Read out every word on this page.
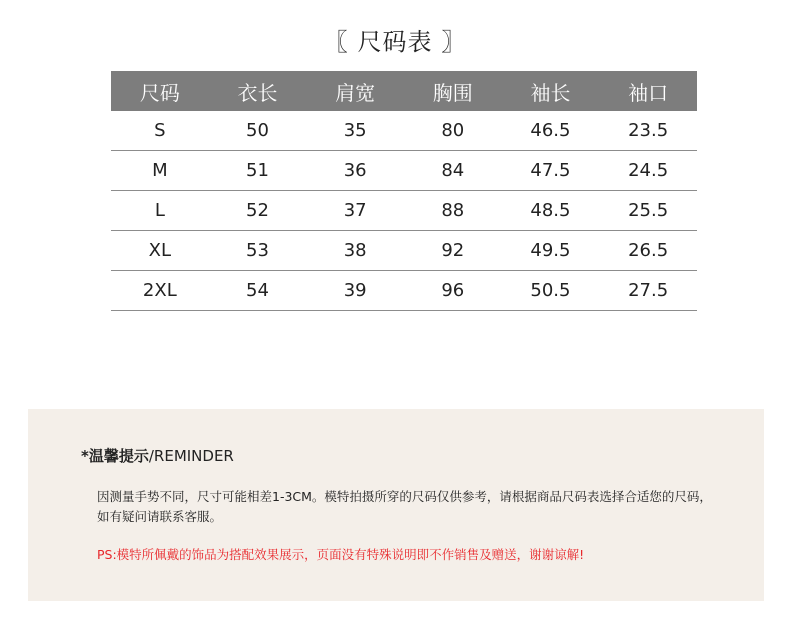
〖 尺码表 〗
尺码	衣长	肩宽	胸围	袖长	袖口
S	50	35	80	46.5	23.5
M	51	36	84	47.5	24.5
L	52	37	88	48.5	25.5
XL	53	38	92	49.5	26.5
2XL	54	39	96	50.5	27.5
*温馨提示/REMINDER
因测量手势不同，尺寸可能相差1-3CM。模特拍摄所穿的尺码仅供参考，请根据商品尺码表选择合适您的尺码，如有疑问请联系客服。
PS:模特所佩戴的饰品为搭配效果展示，页面没有特殊说明即不作销售及赠送，谢谢谅解!
